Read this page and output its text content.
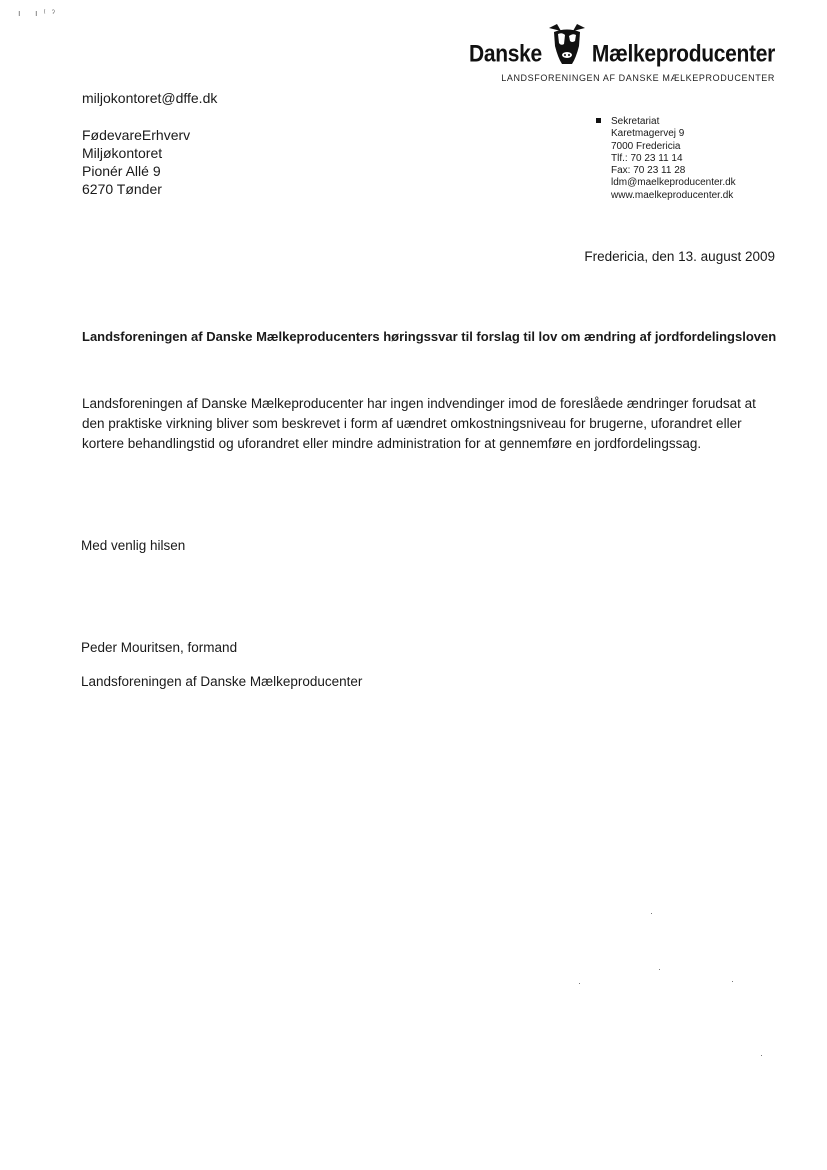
ı ı⁽ˀ
Danske Mælkeproducenter
LANDSFORENINGEN AF DANSKE MÆLKEPRODUCENTER
miljokontoret@dffe.dk
FødevareErhverv
Miljøkontoret
Pionér Allé 9
6270 Tønder
Sekretariat
Karetmagervej 9
7000 Fredericia
Tlf.: 70 23 11 14
Fax: 70 23 11 28
ldm@maelkeproducenter.dk
www.maelkeproducenter.dk
Fredericia, den 13. august 2009
Landsforeningen af Danske Mælkeproducenters høringssvar til forslag til lov om ændring af jordfordelingsloven
Landsforeningen af Danske Mælkeproducenter har ingen indvendinger imod de foreslåede ændringer forudsat at
den praktiske virkning bliver som beskrevet i form af uændret omkostningsniveau for brugerne, uforandret eller
kortere behandlingstid og uforandret eller mindre administration for at gennemføre en jordfordelingssag.
Med venlig hilsen
Peder Mouritsen, formand
Landsforeningen af Danske Mælkeproducenter
